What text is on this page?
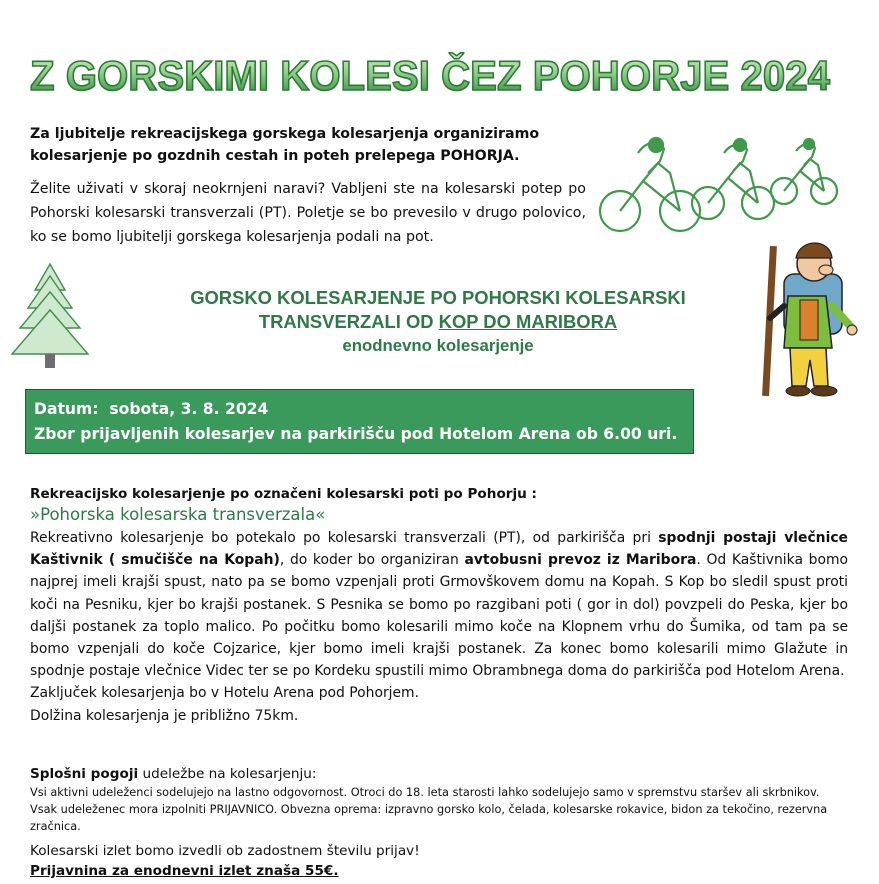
Z GORSKIMI KOLESI ČEZ POHORJE 2024
Za ljubitelje rekreacijskega gorskega kolesarjenja organiziramo
kolesarjenje po gozdnih cestah in poteh prelepega POHORJA.
Želite uživati v skoraj neokrnjeni naravi? Vabljeni ste na kolesarski potep po Pohorski kolesarski transverzali (PT). Poletje se bo prevesilo v drugo polovico, ko se bomo ljubitelji gorskega kolesarjenja podali na pot.
GORSKO KOLESARJENJE PO POHORSKI KOLESARSKI
TRANSVERZALI OD KOP DO MARIBORA
enodnevno kolesarjenje
Datum: sobota, 3. 8. 2024
Zbor prijavljenih kolesarjev na parkirišču pod Hotelom Arena ob 6.00 uri.
Rekreacijsko kolesarjenje po označeni kolesarski poti po Pohorju :
»Pohorska kolesarska transverzala«
Rekreativno kolesarjenje bo potekalo po kolesarski transverzali (PT), od parkirišča pri spodnji postaji vlečnice Kaštivnik ( smučišče na Kopah), do koder bo organiziran avtobusni prevoz iz Maribora. Od Kaštivnika bomo najprej imeli krajši spust, nato pa se bomo vzpenjali proti Grmovškovem domu na Kopah. S Kop bo sledil spust proti koči na Pesniku, kjer bo krajši postanek. S Pesnika se bomo po razgibani poti ( gor in dol) povzpeli do Peska, kjer bo daljši postanek za toplo malico. Po počitku bomo kolesarili mimo koče na Klopnem vrhu do Šumika, od tam pa se bomo vzpenjali do koče Cojzarice, kjer bomo imeli krajši postanek. Za konec bomo kolesarili mimo Glažute in spodnje postaje vlečnice Videc ter se po Kordeku spustili mimo Obrambnega doma do parkirišča pod Hotelom Arena.
Zaključek kolesarjenja bo v Hotelu Arena pod Pohorjem.
Dolžina kolesarjenja je približno 75km.
Splošni pogoji udeležbe na kolesarjenju:
Vsi aktivni udeleženci sodelujejo na lastno odgovornost. Otroci do 18. leta starosti lahko sodelujejo samo v spremstvu staršev ali skrbnikov. Vsak udeleženec mora izpolniti PRIJAVNICO. Obvezna oprema: izpravno gorsko kolo, čelada, kolesarske rokavice, bidon za tekočino, rezervna zračnica.
Kolesarski izlet bomo izvedli ob zadostnem številu prijav!
Prijavnina za enodnevni izlet znaša 55€.
